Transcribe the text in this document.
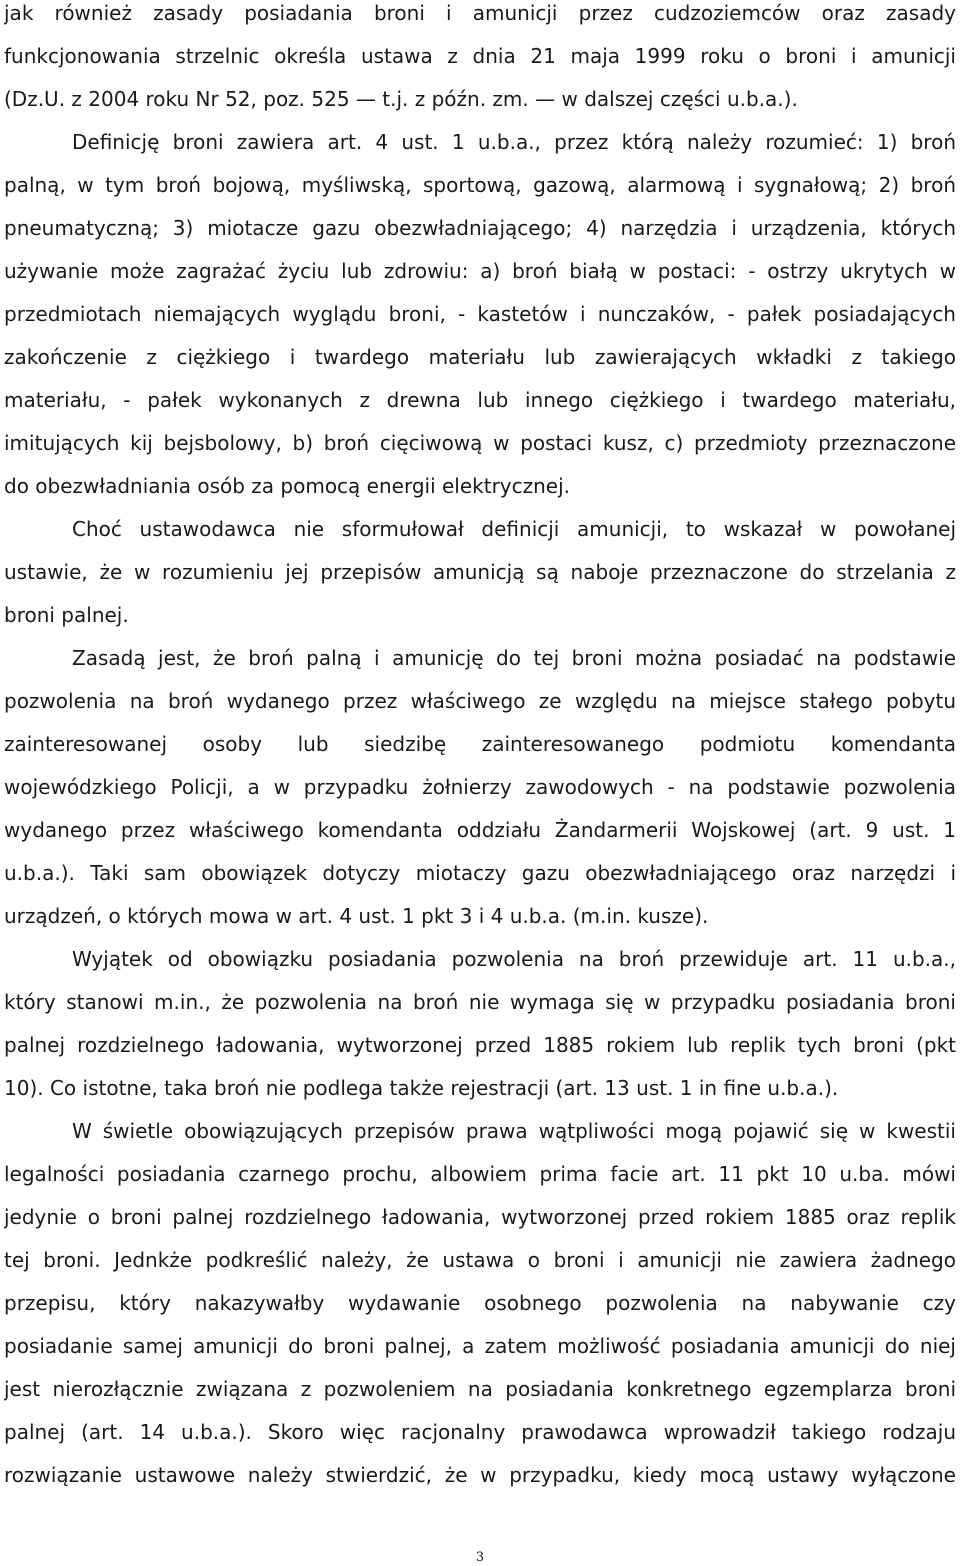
jak również zasady posiadania broni i amunicji przez cudzoziemców oraz zasady
funkcjonowania strzelnic określa ustawa z dnia 21 maja 1999 roku o broni i amunicji
(Dz.U. z 2004 roku Nr 52, poz. 525 — t.j. z późn. zm. — w dalszej części u.b.a.).
Definicję broni zawiera art. 4 ust. 1 u.b.a., przez którą należy rozumieć: 1) broń
palną, w tym broń bojową, myśliwską, sportową, gazową, alarmową i sygnałową; 2) broń
pneumatyczną; 3) miotacze gazu obezwładniającego; 4) narzędzia i urządzenia, których
używanie może zagrażać życiu lub zdrowiu: a) broń białą w postaci: - ostrzy ukrytych w
przedmiotach niemających wyglądu broni, - kastetów i nunczaków, - pałek posiadających
zakończenie z ciężkiego i twardego materiału lub zawierających wkładki z takiego
materiału, - pałek wykonanych z drewna lub innego ciężkiego i twardego materiału,
imitujących kij bejsbolowy, b) broń cięciwową w postaci kusz, c) przedmioty przeznaczone
do obezwładniania osób za pomocą energii elektrycznej.
Choć ustawodawca nie sformułował definicji amunicji, to wskazał w powołanej
ustawie, że w rozumieniu jej przepisów amunicją są naboje przeznaczone do strzelania z
broni palnej.
Zasadą jest, że broń palną i amunicję do tej broni można posiadać na podstawie
pozwolenia na broń wydanego przez właściwego ze względu na miejsce stałego pobytu
zainteresowanej osoby lub siedzibę zainteresowanego podmiotu komendanta
wojewódzkiego Policji, a w przypadku żołnierzy zawodowych - na podstawie pozwolenia
wydanego przez właściwego komendanta oddziału Żandarmerii Wojskowej (art. 9 ust. 1
u.b.a.). Taki sam obowiązek dotyczy miotaczy gazu obezwładniającego oraz narzędzi i
urządzeń, o których mowa w art. 4 ust. 1 pkt 3 i 4 u.b.a. (m.in. kusze).
Wyjątek od obowiązku posiadania pozwolenia na broń przewiduje art. 11 u.b.a.,
który stanowi m.in., że pozwolenia na broń nie wymaga się w przypadku posiadania broni
palnej rozdzielnego ładowania, wytworzonej przed 1885 rokiem lub replik tych broni (pkt
10). Co istotne, taka broń nie podlega także rejestracji (art. 13 ust. 1 in fine u.b.a.).
W świetle obowiązujących przepisów prawa wątpliwości mogą pojawić się w kwestii
legalności posiadania czarnego prochu, albowiem prima facie art. 11 pkt 10 u.ba. mówi
jedynie o broni palnej rozdzielnego ładowania, wytworzonej przed rokiem 1885 oraz replik
tej broni. Jednkże podkreślić należy, że ustawa o broni i amunicji nie zawiera żadnego
przepisu, który nakazywałby wydawanie osobnego pozwolenia na nabywanie czy
posiadanie samej amunicji do broni palnej, a zatem możliwość posiadania amunicji do niej
jest nierozłącznie związana z pozwoleniem na posiadania konkretnego egzemplarza broni
palnej (art. 14 u.b.a.). Skoro więc racjonalny prawodawca wprowadził takiego rodzaju
rozwiązanie ustawowe należy stwierdzić, że w przypadku, kiedy mocą ustawy wyłączone
3
